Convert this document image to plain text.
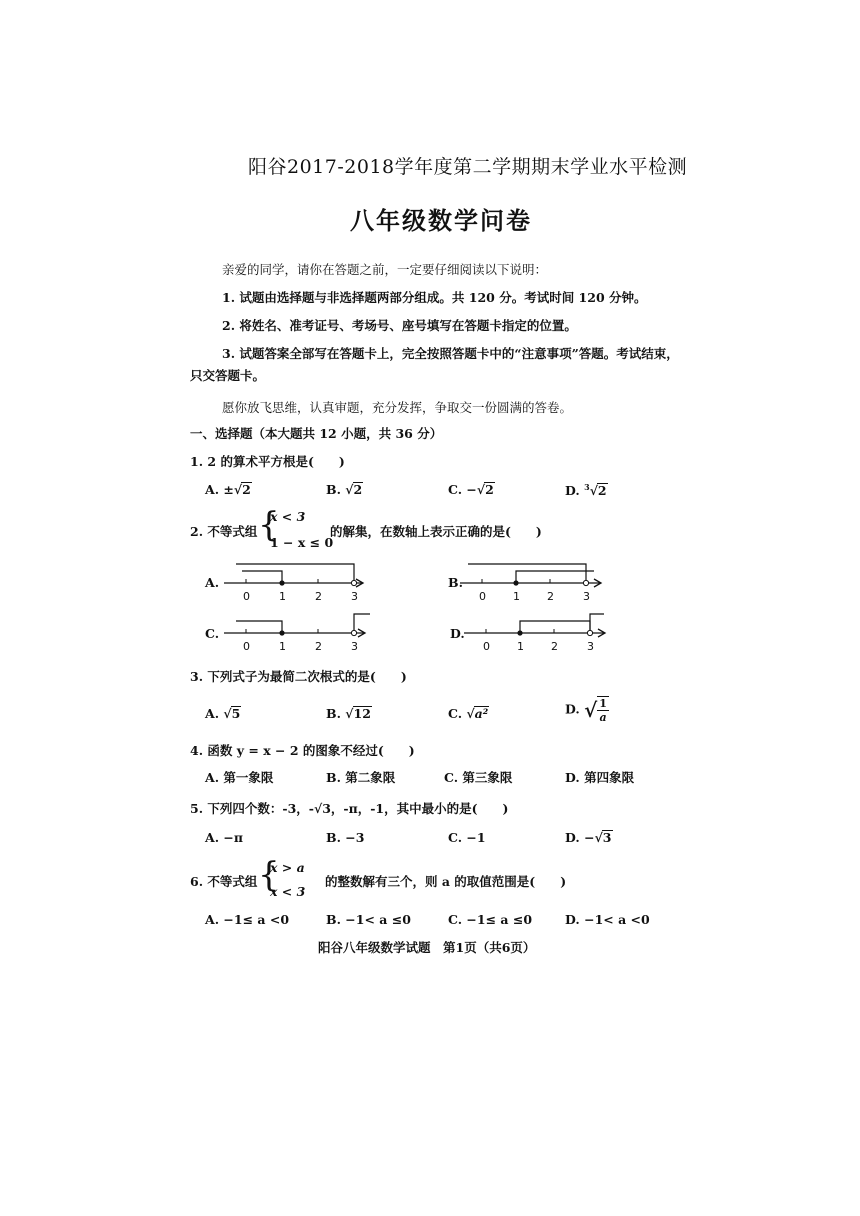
阳谷2017-2018学年度第二学期期末学业水平检测
八年级数学问卷
亲爱的同学，请你在答题之前，一定要仔细阅读以下说明：
1. 试题由选择题与非选择题两部分组成。共 120 分。考试时间 120 分钟。
2. 将姓名、准考证号、考场号、座号填写在答题卡指定的位置。
3. 试题答案全部写在答题卡上，完全按照答题卡中的“注意事项”答题。考试结束，
只交答题卡。
愿你放飞思维，认真审题，充分发挥，争取交一份圆满的答卷。
一、选择题（本大题共 12 小题，共 36 分）
1. 2 的算术平方根是(　　)
A. ±√2	B. √2	C. −√2	D. $^3$√2
2. 不等式组 {
x < 3
1 − x ≤ 0
的解集，在数轴上表示正确的是(　　)
A.
0	1	2	3
B.
0 1 2	3
C.
0	1	2	3
D.
0 1 2	3
3. 下列式子为最简二次根式的是(　　)
A. √5	B. √12	C. √a²	D. √ $\frac{1}{a}$
4. 函数 y = x − 2 的图象不经过(　　)
A. 第一象限	B. 第二象限	C. 第三象限	D. 第四象限
5. 下列四个数：-3，-√3，-π，-1，其中最小的是(　　)
A. −π	B. −3	C. −1	D. −√3
6. 不等式组 {
x > a
x < 3
的整数解有三个，则 a 的取值范围是(　　)
A. −1≤ a <0	B. −1< a ≤0	C. −1≤ a ≤0	D. −1< a <0
阳谷八年级数学试题　第1页（共6页）
